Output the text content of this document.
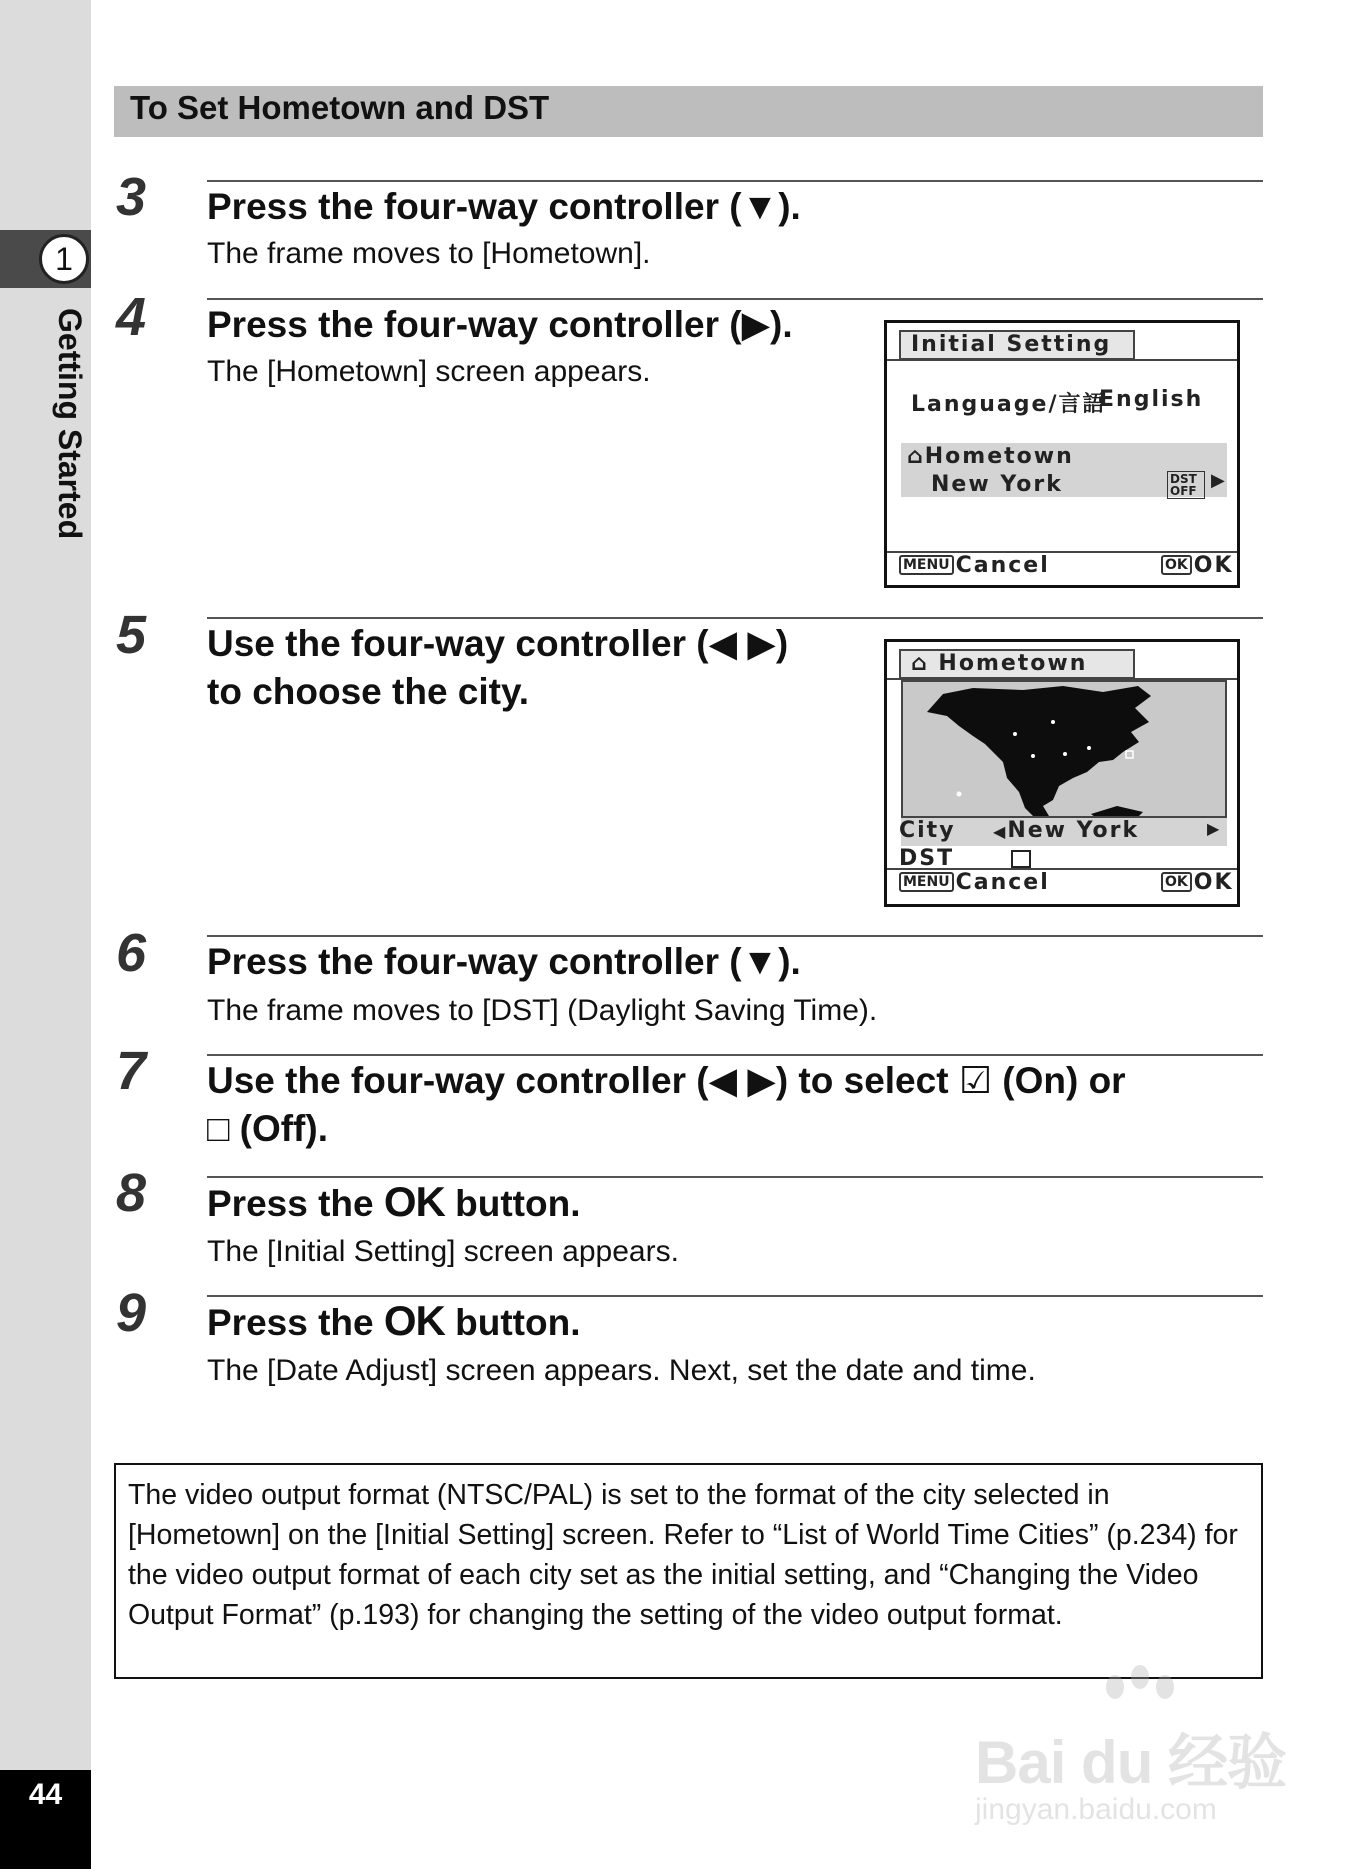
1
Getting Started
44
To Set Hometown and DST
3 Press the four-way controller (▼).
The frame moves to [Hometown].
4 Press the four-way controller (▶).
The [Hometown] screen appears.
Initial Setting
Language/言語
English
⌂Hometown
New York	DST OFF ▶
MENU Cancel	OK OK
5 Use the four-way controller (◀ ▶)
to choose the city.
⌂ Hometown
City ◀New York	▶
DST
MENU Cancel	OK OK
6 Press the four-way controller (▼).
The frame moves to [DST] (Daylight Saving Time).
7 Use the four-way controller (◀ ▶) to select ☑ (On) or
□ (Off).
8 Press the OK button.
The [Initial Setting] screen appears.
9 Press the OK button.
The [Date Adjust] screen appears. Next, set the date and time.
The video output format (NTSC/PAL) is set to the format of the city selected in [Hometown] on the [Initial Setting] screen. Refer to “List of World Time Cities” (p.234) for the video output format of each city set as the initial setting, and “Changing the Video Output Format” (p.193) for changing the setting of the video output format.
Bai du 经验
jingyan.baidu.com
